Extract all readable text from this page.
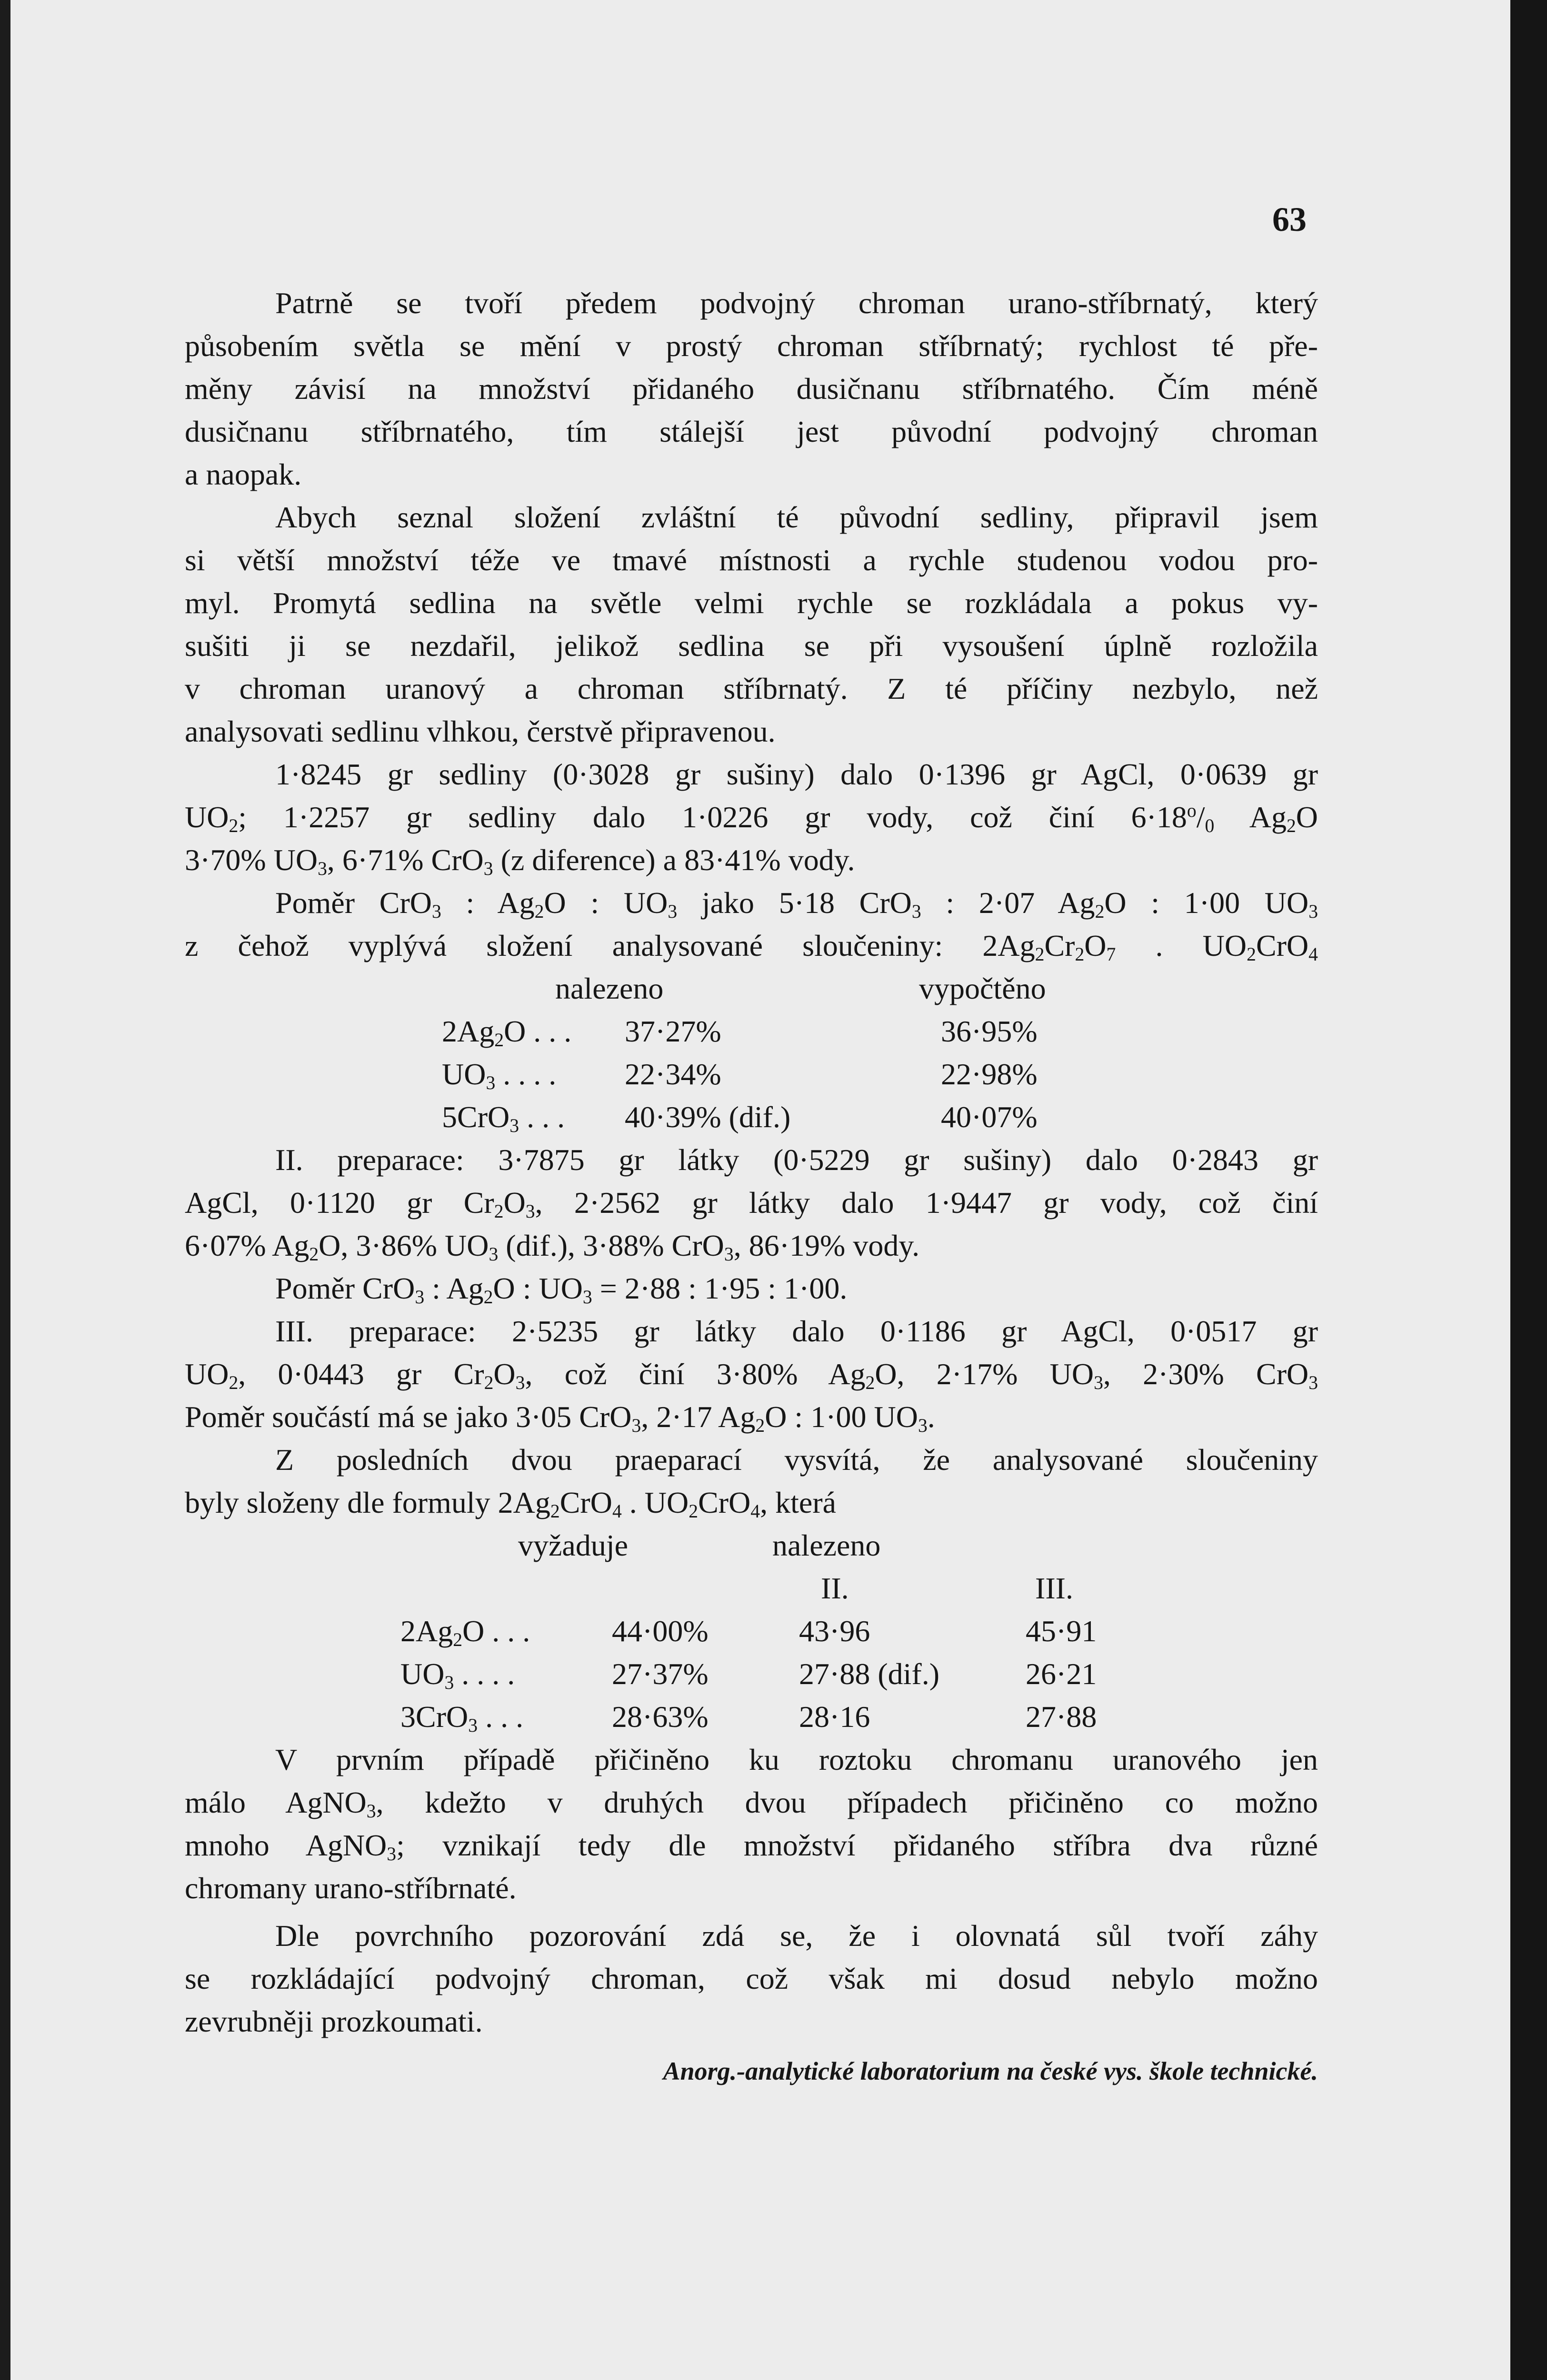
63

Patrně se tvoří předem podvojný chroman urano-stříbrnatý, který
působením světla se mění v prostý chroman stříbrnatý; rychlost té pře-
měny závisí na množství přidaného dusičnanu stříbrnatého. Čím méně
dusičnanu stříbrnatého, tím stálejší jest původní podvojný chroman
a naopak.

Abych seznal složení zvláštní té původní sedliny, připravil jsem
si větší množství téže ve tmavé místnosti a rychle studenou vodou pro-
myl. Promytá sedlina na světle velmi rychle se rozkládala a pokus vy-
sušiti ji se nezdařil, jelikož sedlina se při vysoušení úplně rozložila
v chroman uranový a chroman stříbrnatý. Z té příčiny nezbylo, než
analysovati sedlinu vlhkou, čerstvě připravenou.

1·8245 gr sedliny (0·3028 gr sušiny) dalo 0·1396 gr AgCl, 0·0639 gr
$UO_2$; 1·2257 gr sedliny dalo 1·0226 gr vody, což činí $6\cdot 18^o/_0$ $Ag_2O$
3·70% $UO_3$, 6·71% CrO$_3$ (z diference) a 83·41% vody.

Poměr CrO$_3$ : $Ag_2O$ : $UO_3$ jako 5·18 CrO$_3$ : 2·07 $Ag_2O$ : 1·00 $UO_3$
z čehož vyplývá složení analysované sloučeniny: $2Ag_2Cr_2O_7$ . $UO_2CrO_4$

nalezeno	vypočtěno
$2Ag_2O$ . . . 37·27%	36·95%
$UO_3$ . . . . 22·34%	22·98%
5CrO$_3$ . . . 40·39% (dif.)	40·07%

II. preparace: 3·7875 gr látky (0·5229 gr sušiny) dalo 0·2843 gr
AgCl, 0·1120 gr $Cr_2O_3$, 2·2562 gr látky dalo 1·9447 gr vody, což činí
6·07% $Ag_2O$, 3·86% $UO_3$ (dif.), 3·88% CrO$_3$, 86·19% vody.

Poměr CrO$_3$ : $Ag_2O$ : $UO_3 = 2\cdot 88$ : 1·95 : 1·00.

III. preparace: 2·5235 gr látky dalo 0·1186 gr AgCl, 0·0517 gr
$UO_2$, 0·0443 gr $Cr_2O_3$, což činí 3·80% $Ag_2O$, 2·17% $UO_3$, 2·30% CrO$_3$
Poměr součástí má se jako 3·05 CrO$_3$, 2·17 $Ag_2O$ : 1·00 $UO_3$.

Z posledních dvou praeparací vysvítá, že analysované sloučeniny
byly složeny dle formuly $2Ag_2CrO_4$ . $UO_2CrO_4$, která

vyžaduje	nalezeno
II.	III.
$2Ag_2O$ . . .	44·00%	43·96	45·91
$UO_3$ . . . .	27·37%	27·88 (dif.)	26·21
3CrO$_3$ . . .	28·63%	28·16	27·88

V prvním případě přičiněno ku roztoku chromanu uranového jen
málo AgNO$_3$, kdežto v druhých dvou případech přičiněno co možno
mnoho AgNO$_3$; vznikají tedy dle množství přidaného stříbra dva různé
chromany urano-stříbrnaté.

Dle povrchního pozorování zdá se, že i olovnatá sůl tvoří záhy
se rozkládající podvojný chroman, což však mi dosud nebylo možno
zevrubněji prozkoumati.

Anorg.-analytické laboratorium na české vys. škole technické.
